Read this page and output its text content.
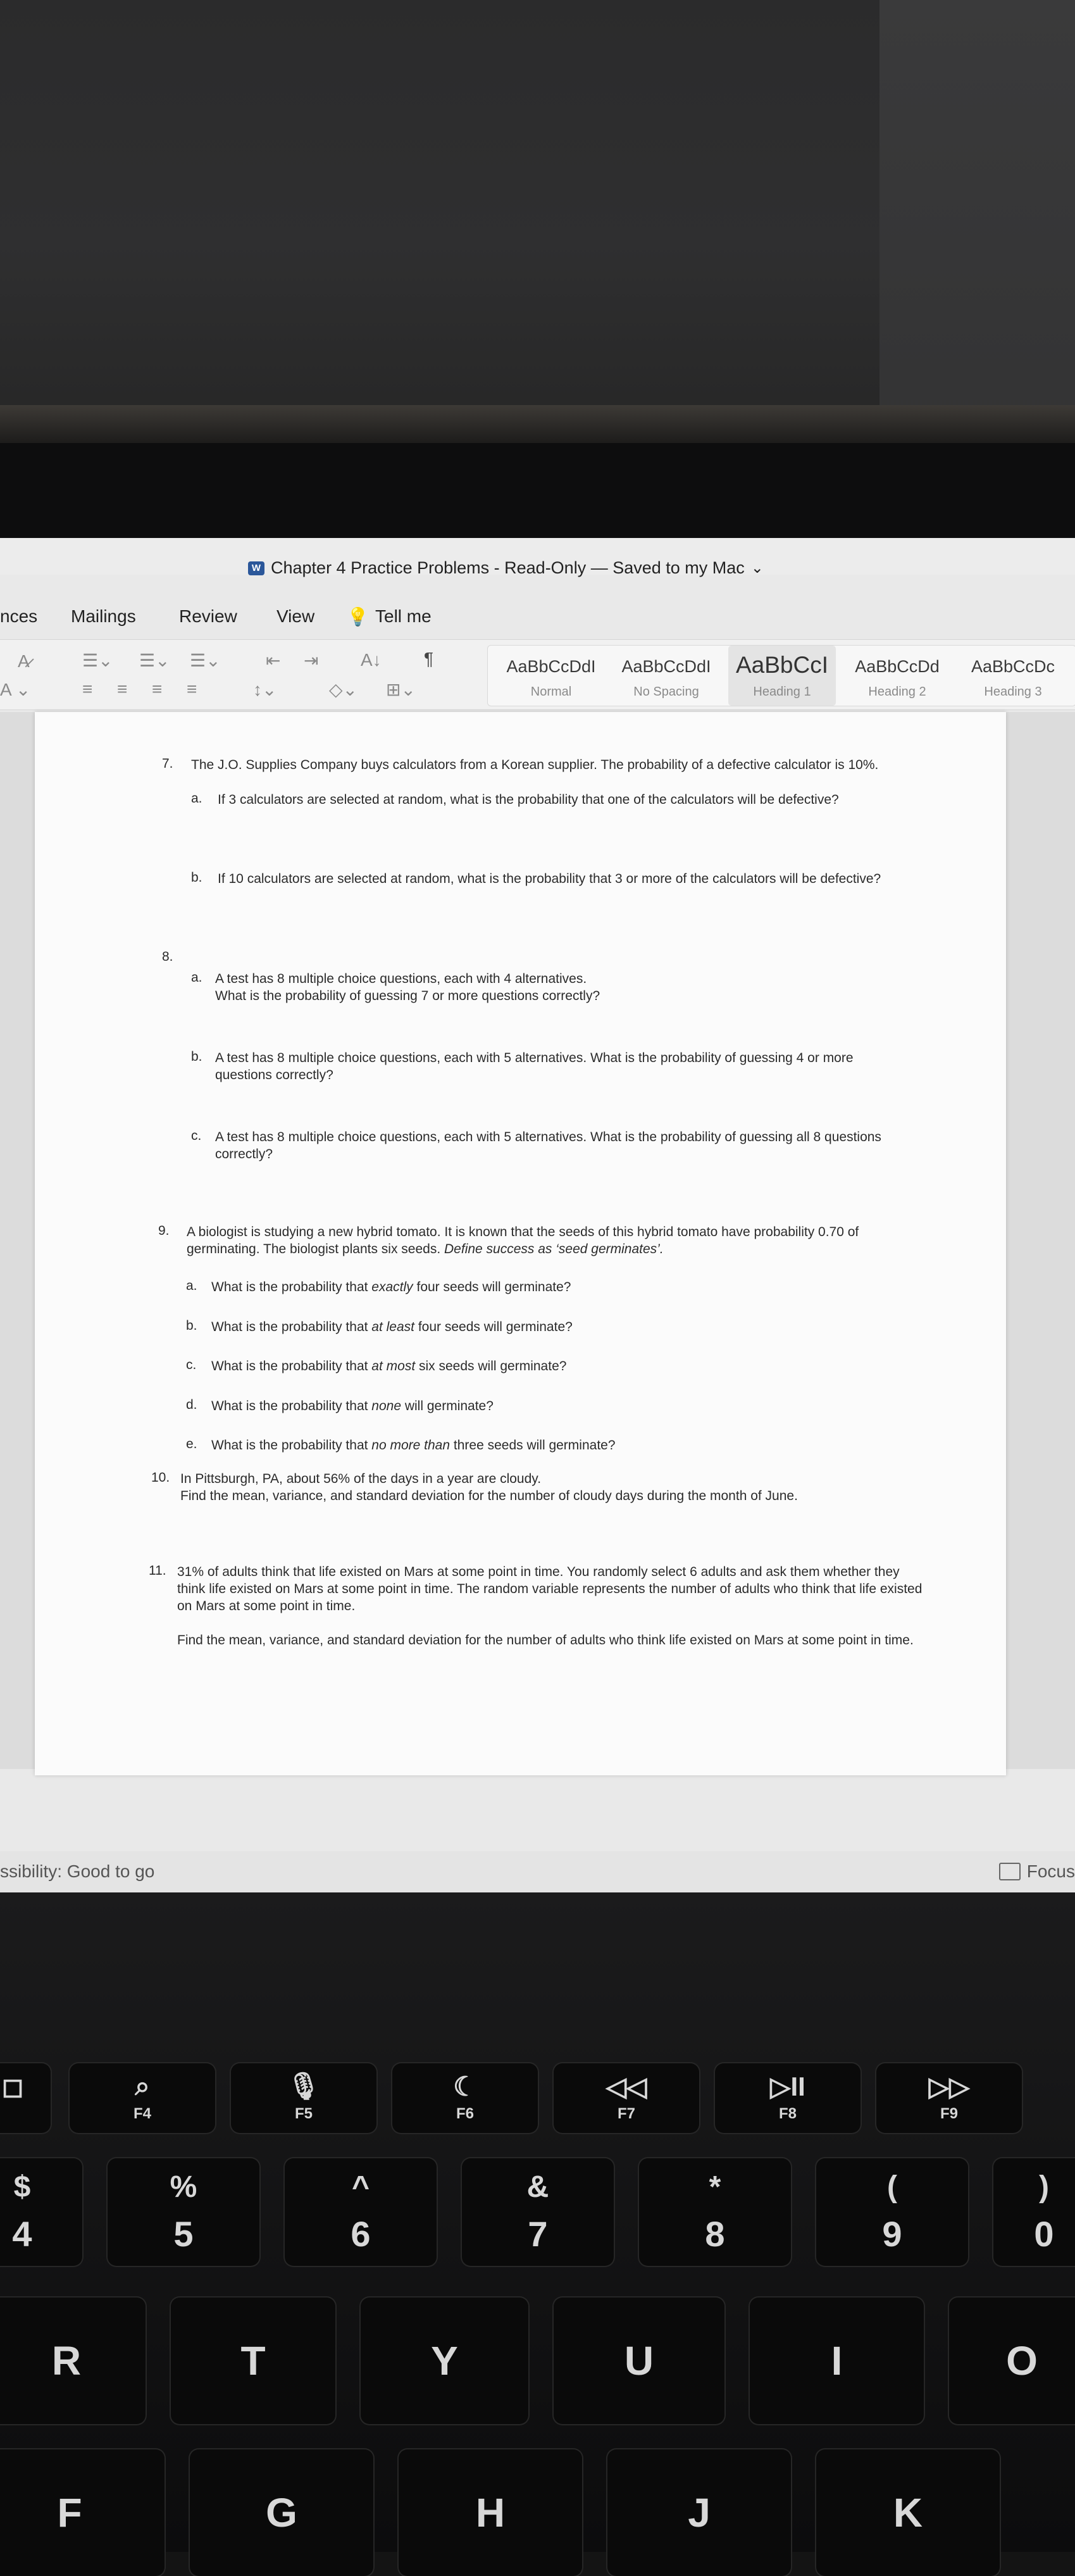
W Chapter 4 Practice Problems - Read-Only — Saved to my Mac ⌄
nces Mailings Review View 💡 Tell me
A̷
A ⌄
☰⌄ ☰⌄ ☰⌄	⇤ ⇥ A↓ ¶
≡ ≡ ≡ ≡	↕⌄	◇⌄ ⊞⌄
AaBbCcDdI
Normal
AaBbCcDdI
No Spacing
AaBbCcI
Heading 1
AaBbCcDd
Heading 2
AaBbCcDc
Heading 3
7. The J.O. Supplies Company buys calculators from a Korean supplier. The probability of a defective calculator is 10%.
a. If 3 calculators are selected at random, what is the probability that one of the calculators will be defective?
b. If 10 calculators are selected at random, what is the probability that 3 or more of the calculators will be defective?
8.
a. A test has 8 multiple choice questions, each with 4 alternatives.
What is the probability of guessing 7 or more questions correctly?
b. A test has 8 multiple choice questions, each with 5 alternatives. What is the probability of guessing 4 or more questions correctly?
c. A test has 8 multiple choice questions, each with 5 alternatives. What is the probability of guessing all 8 questions correctly?
9. A biologist is studying a new hybrid tomato. It is known that the seeds of this hybrid tomato have probability 0.70 of germinating. The biologist plants six seeds. Define success as ‘seed germinates’.
a. What is the probability that exactly four seeds will germinate?
b. What is the probability that at least four seeds will germinate?
c. What is the probability that at most six seeds will germinate?
d. What is the probability that none will germinate?
e. What is the probability that no more than three seeds will germinate?
10. In Pittsburgh, PA, about 56% of the days in a year are cloudy.
Find the mean, variance, and standard deviation for the number of cloudy days during the month of June.
11. 31% of adults think that life existed on Mars at some point in time. You randomly select 6 adults and ask them whether they think life existed on Mars at some point in time. The random variable represents the number of adults who think that life existed on Mars at some point in time.
Find the mean, variance, and standard deviation for the number of adults who think life existed on Mars at some point in time.
ssibility: Good to go	Focus
◻	⌕
F4
🎙
F5
☾
F6
◁◁
F7
▷II
F8
▷▷
F9
$
4
%
5
^
6
&
7
*
8
(
9
)
0
R	T	Y	U	I	O
F	G	H	J	K
